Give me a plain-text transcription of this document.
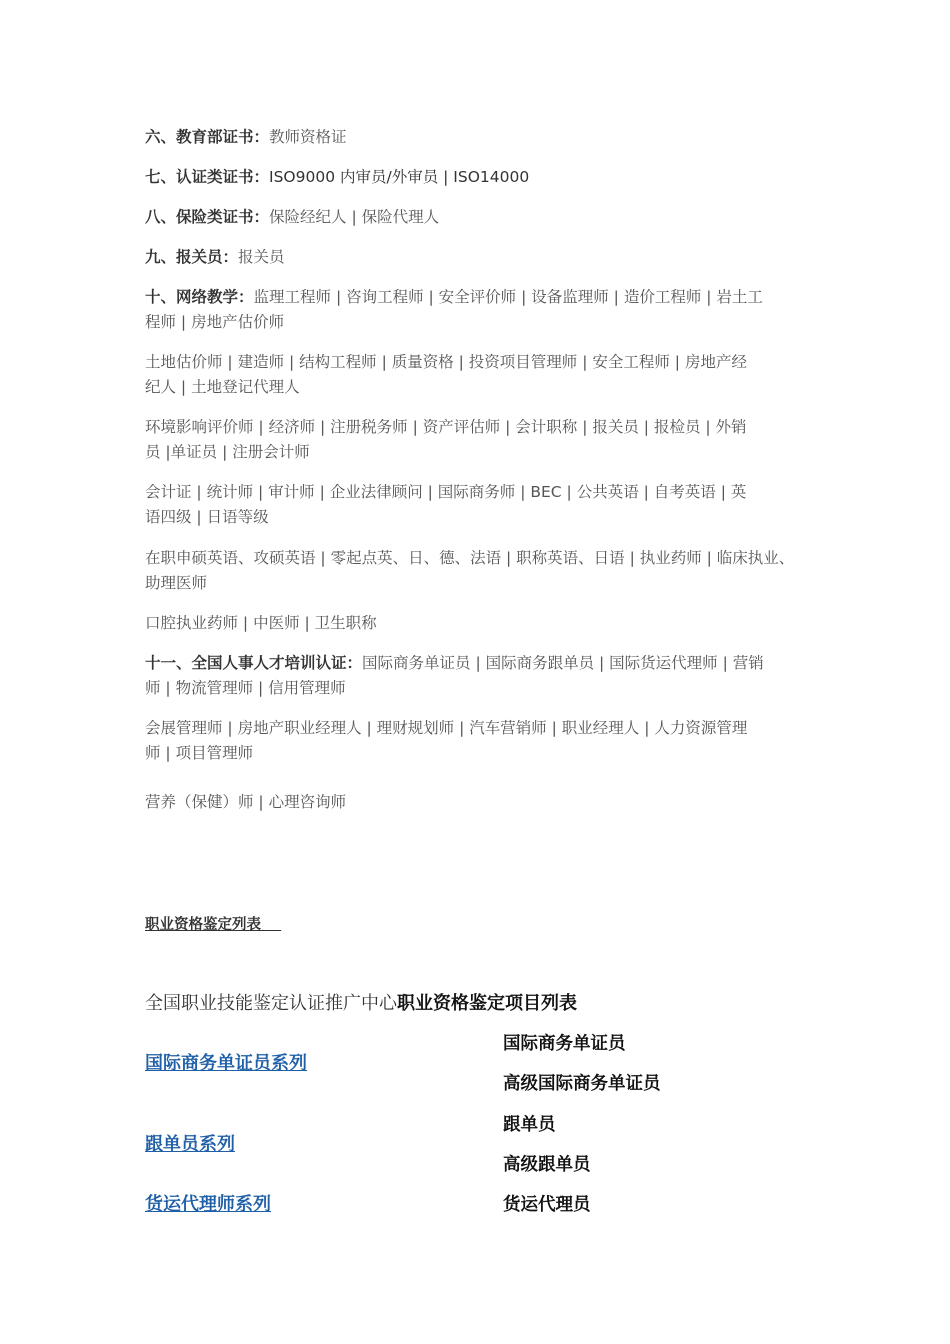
六、教育部证书：教师资格证
七、认证类证书：ISO9000 内审员/外审员 | ISO14000
八、保险类证书：保险经纪人 | 保险代理人
九、报关员：报关员
十、网络教学：监理工程师 | 咨询工程师 | 安全评价师 | 设备监理师 | 造价工程师 | 岩土工
程师 | 房地产估价师
土地估价师 | 建造师 | 结构工程师 | 质量资格 | 投资项目管理师 | 安全工程师 | 房地产经
纪人 | 土地登记代理人
环境影响评价师 | 经济师 | 注册税务师 | 资产评估师 | 会计职称 | 报关员 | 报检员 | 外销
员 |单证员 | 注册会计师
会计证 | 统计师 | 审计师 | 企业法律顾问 | 国际商务师 | BEC | 公共英语 | 自考英语 | 英
语四级 | 日语等级
在职申硕英语、攻硕英语 | 零起点英、日、德、法语 | 职称英语、日语 | 执业药师 | 临床执业、
助理医师
口腔执业药师 | 中医师 | 卫生职称
十一、全国人事人才培训认证：国际商务单证员 | 国际商务跟单员 | 国际货运代理师 | 营销
师 | 物流管理师 | 信用管理师
会展管理师 | 房地产职业经理人 | 理财规划师 | 汽车营销师 | 职业经理人 | 人力资源管理
师 | 项目管理师
营养（保健）师 | 心理咨询师
职业资格鉴定列表
全国职业技能鉴定认证推广中心职业资格鉴定项目列表
国际商务单证员系列
国际商务单证员
高级国际商务单证员
跟单员系列
跟单员
高级跟单员
货运代理师系列	货运代理员
